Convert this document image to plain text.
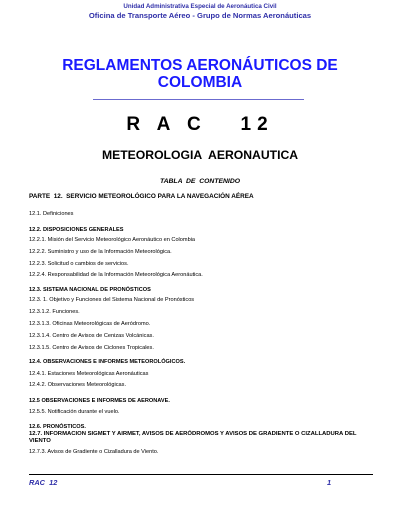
Unidad Administrativa Especial de Aeronáutica Civil
Oficina de Transporte Aéreo - Grupo de Normas Aeronáuticas
REGLAMENTOS AERONÁUTICOS DE
COLOMBIA
R A C   12
METEOROLOGIA  AERONAUTICA
TABLA  DE  CONTENIDO
PARTE  12.  SERVICIO METEOROLÓGICO PARA LA NAVEGACIÓN AÉREA
12.1. Definiciones
12.2. DISPOSICIONES GENERALES
12.2.1. Misión del Servicio Meteorológico Aeronáutico en Colombia
12.2.2. Suministro y uso de la Información Meteorológica.
12.2.3. Solicitud o cambios de servicios.
12.2.4. Responsabilidad de la Información Meteorológica Aeronáutica.
12.3. SISTEMA NACIONAL DE PRONÓSTICOS
12.3. 1. Objetivo y Funciones del Sistema Nacional de Pronósticos
12.3.1.2. Funciones.
12.3.1.3. Oficinas Meteorológicas de Aeródromo.
12.3.1.4. Centro de Avisos de Cenizas Volcánicas.
12.3.1.5. Centro de Avisos de Ciclones Tropicales.
12.4. OBSERVACIONES E INFORMES METEOROLÓGICOS.
12.4.1. Estaciones Meteorológicas Aeronáuticas
12.4.2. Observaciones Meteorológicas.
12.5 OBSERVACIONES E INFORMES DE AERONAVE.
12.5.5. Notificación durante el vuelo.
12.6. PRONÓSTICOS.
12.7. INFORMACION SIGMET Y AIRMET, AVISOS DE AERÓDROMOS Y AVISOS DE GRADIENTE O CIZALLADURA DEL VIENTO
12.7.3. Avisos de Gradiente o Cizalladura de Viento.
RAC  12	1
